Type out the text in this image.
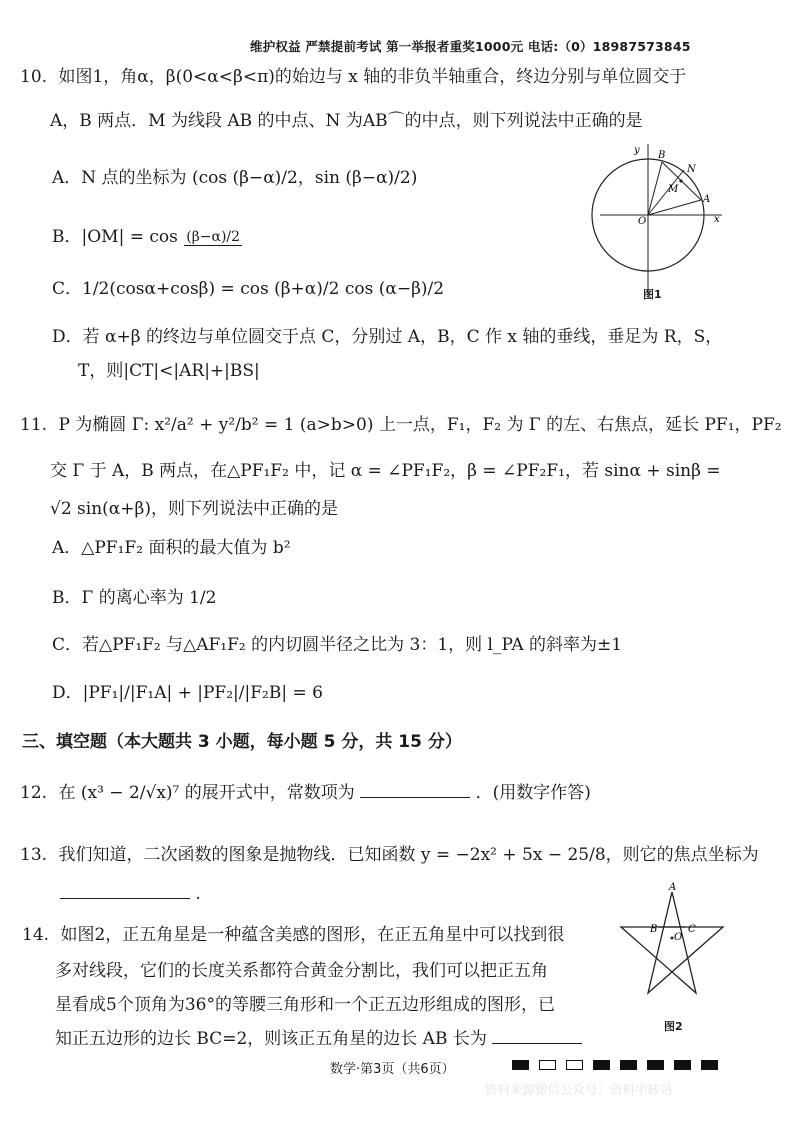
维护权益 严禁提前考试 第一举报者重奖1000元 电话:（0）18987573845
10. 如图1，角α，β(0<α<β<π)的始边与 x 轴的非负半轴重合，终边分别与单位圆交于
A，B 两点．M 为线段 AB 的中点、N 为AB⌒的中点，则下列说法中正确的是
A．N 点的坐标为 (cos (β−α)/2，sin (β−α)/2)
B．|OM| = cos (β−α)/2
C．1/2(cosα+cosβ) = cos (β+α)/2 cos (α−β)/2
D．若 α+β 的终边与单位圆交于点 C，分别过 A，B，C 作 x 轴的垂线，垂足为 R，S，
T，则|CT|<|AR|+|BS|
y B
N
M
A
O	x
图1
11. P 为椭圆 Γ: x²/a² + y²/b² = 1 (a>b>0) 上一点，F₁，F₂ 为 Γ 的左、右焦点，延长 PF₁，PF₂
交 Γ 于 A，B 两点，在△PF₁F₂ 中，记 α = ∠PF₁F₂，β = ∠PF₂F₁，若 sinα + sinβ =
√2 sin(α+β)，则下列说法中正确的是
A．△PF₁F₂ 面积的最大值为 b²
B．Γ 的离心率为 1/2
C．若△PF₁F₂ 与△AF₁F₂ 的内切圆半径之比为 3：1，则 l_PA 的斜率为±1
D．|PF₁|/|F₁A| + |PF₂|/|F₂B| = 6
三、填空题（本大题共 3 小题，每小题 5 分，共 15 分）
12. 在 (x³ − 2/√x)⁷ 的展开式中，常数项为	．(用数字作答)
13. 我们知道，二次函数的图象是抛物线．已知函数 y = −2x² + 5x − 25/8，则它的焦点坐标为
.
14. 如图2，正五角星是一种蕴含美感的图形，在正五角星中可以找到很
多对线段，它们的长度关系都符合黄金分割比，我们可以把正五角
星看成5个顶角为36°的等腰三角形和一个正五边形组成的图形，已
知正五边形的边长 BC=2，则该正五角星的边长 AB 长为
A
B	C
O
图2
数学·第3页（共6页）
资料来源微信公众号：资料中转站
